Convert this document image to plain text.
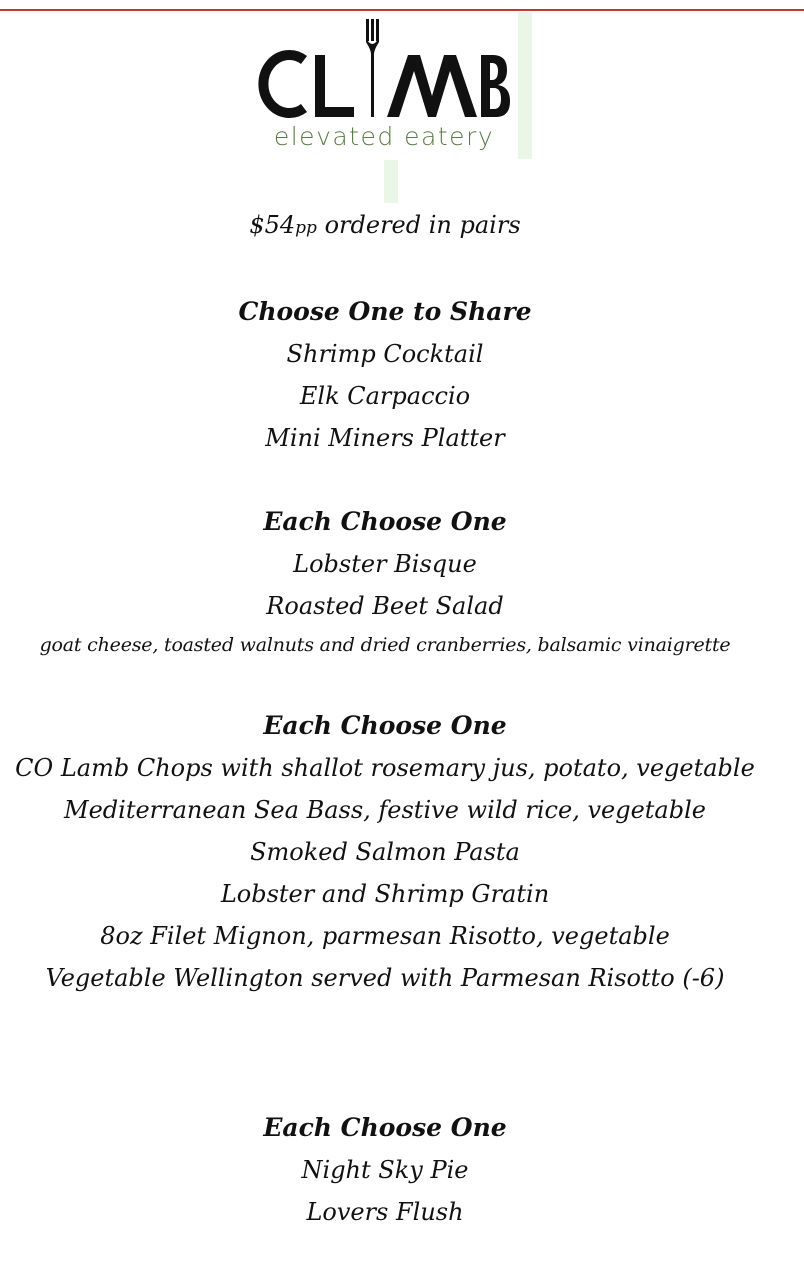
elevated eatery
$54pp ordered in pairs
Choose One to Share
Shrimp Cocktail
Elk Carpaccio
Mini Miners Platter
Each Choose One
Lobster Bisque
Roasted Beet Salad
goat cheese, toasted walnuts and dried cranberries, balsamic vinaigrette
Each Choose One
CO Lamb Chops with shallot rosemary jus, potato, vegetable
Mediterranean Sea Bass, festive wild rice, vegetable
Smoked Salmon Pasta
Lobster and Shrimp Gratin
8oz Filet Mignon, parmesan Risotto, vegetable
Vegetable Wellington served with Parmesan Risotto (-6)
Each Choose One
Night Sky Pie
Lovers Flush
